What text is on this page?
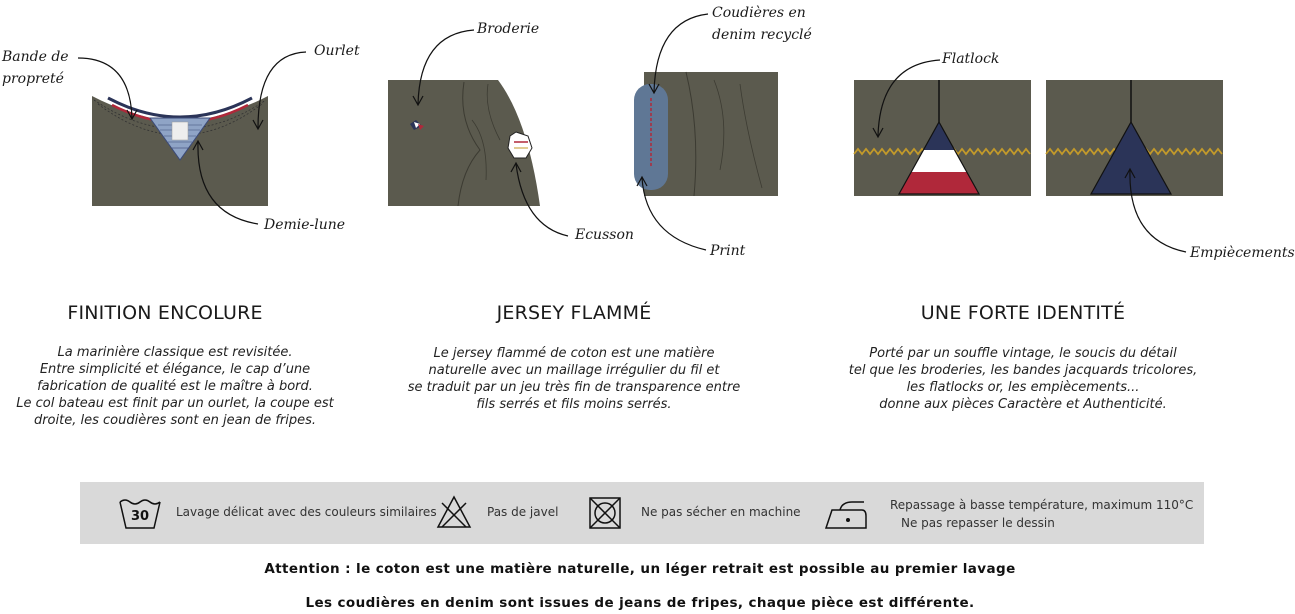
Bande de
propreté
Ourlet
Demie-lune
Broderie
Ecusson
Coudières en
denim recyclé
Print
Flatlock
Empiècements
FINITION ENCOLURE
La marinière classique est revisitée.
Entre simplicité et élégance, le cap d’une
fabrication de qualité est le maître à bord.
Le col bateau est finit par un ourlet, la coupe est
droite, les coudières sont en jean de fripes.
JERSEY FLAMMÉ
Le jersey flammé de coton est une matière
naturelle avec un maillage irrégulier du fil et
se traduit par un jeu très fin de transparence entre
fils serrés et fils moins serrés.
UNE FORTE IDENTITÉ
Porté par un souffle vintage, le soucis du détail
tel que les broderies, les bandes jacquards tricolores,
les flatlocks or, les empiècements...
donne aux pièces Caractère et Authenticité.
30	Lavage délicat avec des couleurs similaires	Pas de javel	Ne pas sécher en machine	Repassage à basse température, maximum 110°C
Ne pas repasser le dessin
Attention : le coton est une matière naturelle, un léger retrait est possible au premier lavage
Les coudières en denim sont issues de jeans de fripes, chaque pièce est différente.
